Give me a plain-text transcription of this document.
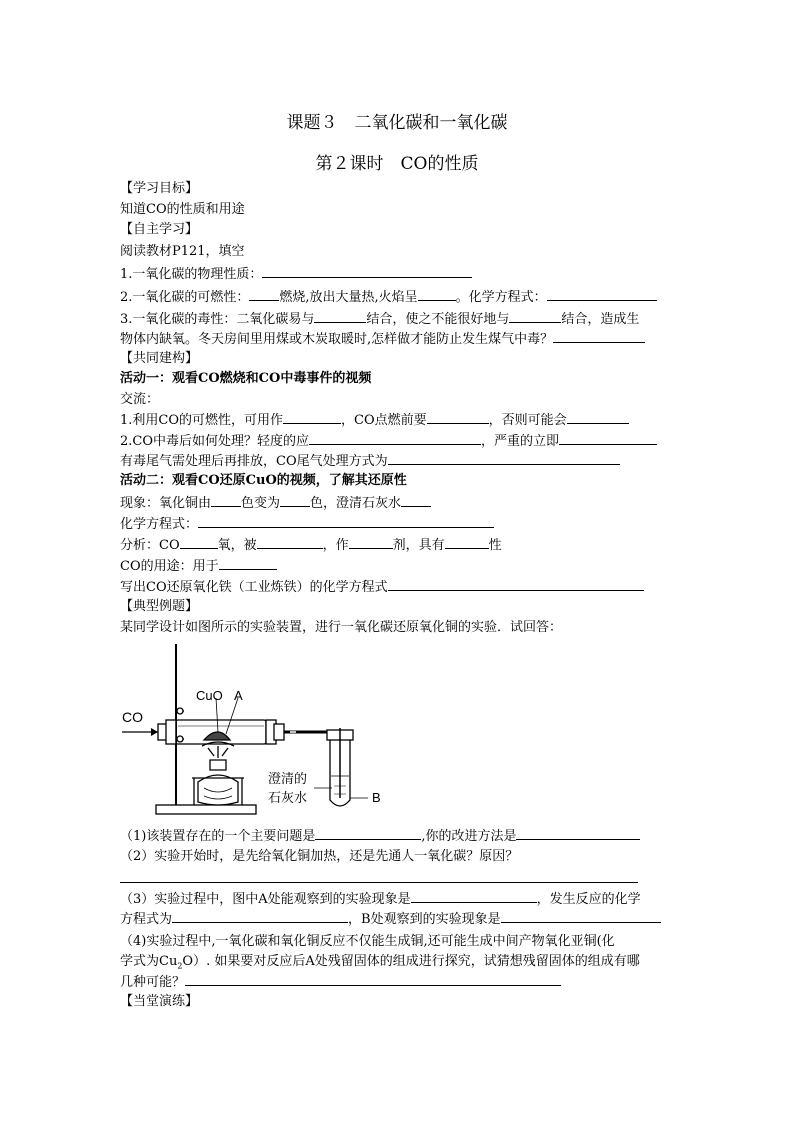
课题３　二氧化碳和一氧化碳
第２课时　CO的性质
【学习目标】
知道CO的性质和用途
【自主学习】
阅读教材P121，填空
1.一氧化碳的物理性质：
2.一氧化碳的可燃性： 燃烧,放出大量热,火焰呈	。化学方程式：
3.一氧化碳的毒性：二氧化碳易与	结合，使之不能很好地与	结合，造成生
物体内缺氧。冬天房间里用煤或木炭取暖时,怎样做才能防止发生煤气中毒？
【共同建构】
活动一：观看CO燃烧和CO中毒事件的视频
交流：
1.利用CO的可燃性，可用作	，CO点燃前要	，否则可能会
2.CO中毒后如何处理？轻度的应	，严重的立即
有毒尾气需处理后再排放，CO尾气处理方式为
活动二：观看CO还原CuO的视频，了解其还原性
现象：氧化铜由 色变为 色，澄清石灰水
化学方程式：
分析：CO	氧，被	，作	剂，具有	性
CO的用途：用于
写出CO还原氧化铁（工业炼铁）的化学方程式
【典型例题】
某同学设计如图所示的实验装置，进行一氧化碳还原氧化铜的实验．试回答：
CO
CuO A
澄清的
石灰水	B
（1)该装置存在的一个主要问题是	,你的改进方法是
（2）实验开始时，是先给氧化铜加热，还是先通人一氧化碳？原因？
（3）实验过程中，图中A处能观察到的实验现象是	，发生反应的化学
方程式为	，B处观察到的实验现象是
（4)实验过程中,一氧化碳和氧化铜反应不仅能生成铜,还可能生成中间产物氧化亚铜(化
学式为$Cu_2O$）. 如果要对反应后A处残留固体的组成进行探究，试猜想残留固体的组成有哪
几种可能？
【当堂演练】
